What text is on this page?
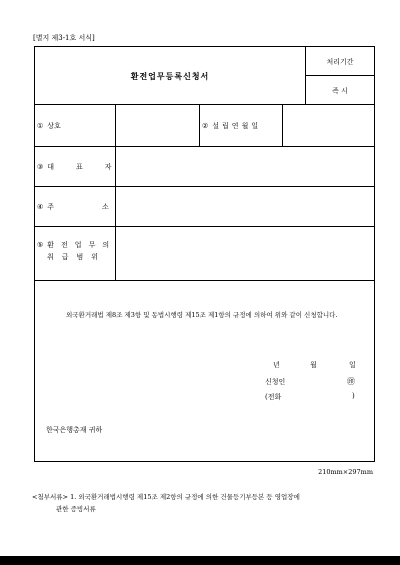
[별지 제3-1호 서식]
환전업무등록신청서
처리기간
즉 시
① 상호	② 설립연월일
③ 대표자
④ 주소
⑤ 환전업무의
취급범위
외국환거래법 제8조 제3항 및 동법시행령 제15조 제1항의 규정에 의하여 위와 같이 신청합니다.
년	월	일
신청인	㊞
(전화	)
한국은행총재 귀하
210mm×297mm
<첨부서류> 1. 외국환거래법시행령 제15조 제2항의 규정에 의한 건물등기부등본 등 영업장에
관한 증빙서류
